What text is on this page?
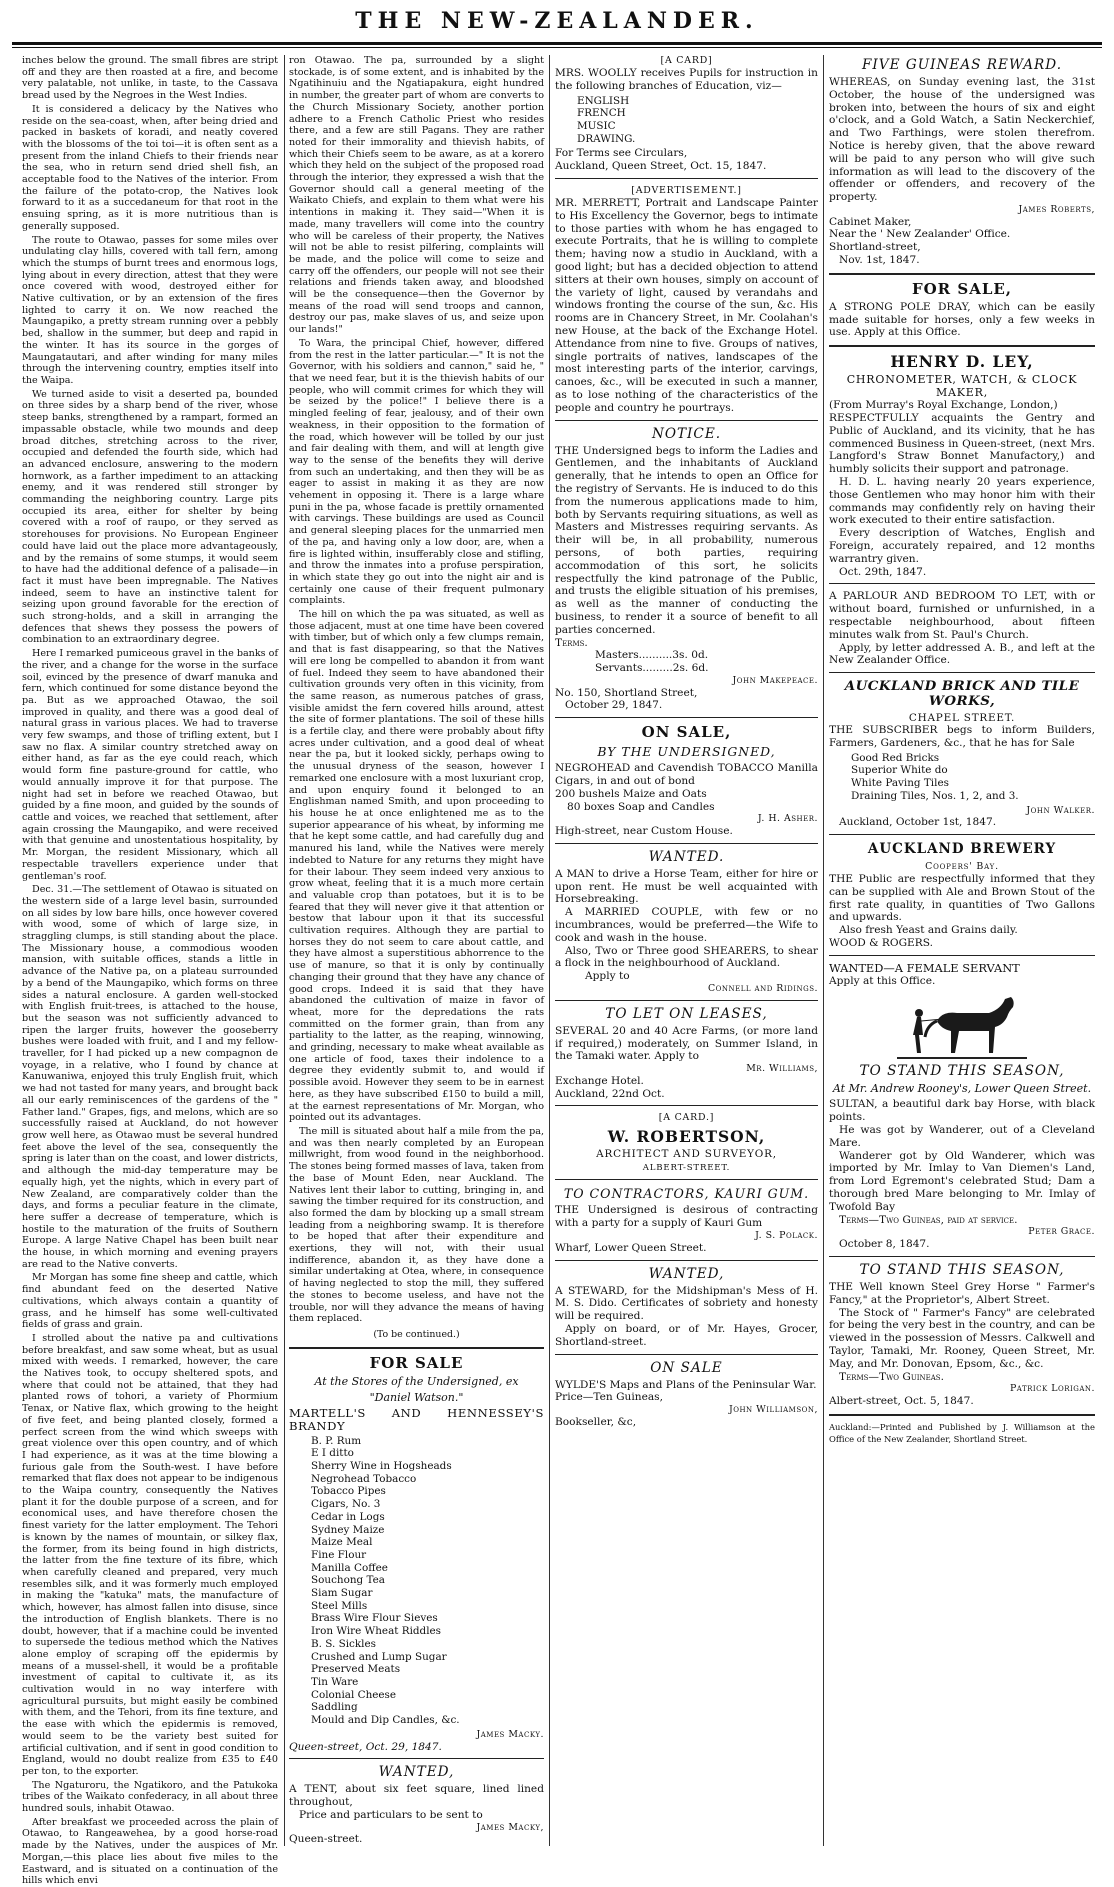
THE NEW-ZEALANDER.

inches below the ground. The small fibres are stript off and they are then roasted at a fire, and become very palatable, not unlike, in taste, to the Cassava bread used by the Negroes in the West Indies.

It is considered a delicacy by the Natives who reside on the sea-coast, when, after being dried and packed in baskets of koradi, and neatly covered with the blossoms of the toi toi—it is often sent as a present from the inland Chiefs to their friends near the sea, who in return send dried shell fish, an acceptable food to the Natives of the interior. From the failure of the potato-crop, the Natives look forward to it as a succedaneum for that root in the ensuing spring, as it is more nutritious than is generally supposed.

The route to Otawao, passes for some miles over undulating clay hills, covered with tall fern, among which the stumps of burnt trees and enormous logs, lying about in every direction, attest that they were once covered with wood, destroyed either for Native cultivation, or by an extension of the fires lighted to carry it on. We now reached the Maungapiko, a pretty stream running over a pebbly bed, shallow in the summer, but deep and rapid in the winter. It has its source in the gorges of Maungatautari, and after winding for many miles through the intervening country, empties itself into the Waipa.

We turned aside to visit a deserted pa, bounded on three sides by a sharp bend of the river, whose steep banks, strengthened by a rampart, formed an impassable obstacle, while two mounds and deep broad ditches, stretching across to the river, occupied and defended the fourth side, which had an advanced enclosure, answering to the modern hornwork, as a farther impediment to an attacking enemy, and it was rendered still stronger by commanding the neighboring country. Large pits occupied its area, either for shelter by being covered with a roof of raupo, or they served as storehouses for provisions. No European Engineer could have laid out the place more advantageously, and by the remains of some stumps, it would seem to have had the additional defence of a palisade—in fact it must have been impregnable. The Natives indeed, seem to have an instinctive talent for seizing upon ground favorable for the erection of such strong-holds, and a skill in arranging the defences that shews they possess the powers of combination to an extraordinary degree.

Here I remarked pumiceous gravel in the banks of the river, and a change for the worse in the surface soil, evinced by the presence of dwarf manuka and fern, which continued for some distance beyond the pa. But as we approached Otawao, the soil improved in quality, and there was a good deal of natural grass in various places. We had to traverse very few swamps, and those of trifling extent, but I saw no flax. A similar country stretched away on either hand, as far as the eye could reach, which would form fine pasture-ground for cattle, who would annually improve it for that purpose. The night had set in before we reached Otawao, but guided by a fine moon, and guided by the sounds of cattle and voices, we reached that settlement, after again crossing the Maungapiko, and were received with that genuine and unostentatious hospitality, by Mr. Morgan, the resident Missionary, which all respectable travellers experience under that gentleman's roof.

Dec. 31.—The settlement of Otawao is situated on the western side of a large level basin, surrounded on all sides by low bare hills, once however covered with wood, some of which of large size, in straggling clumps, is still standing about the place. The Missionary house, a commodious wooden mansion, with suitable offices, stands a little in advance of the Native pa, on a plateau surrounded by a bend of the Maungapiko, which forms on three sides a natural enclosure. A garden well-stocked with English fruit-trees, is attached to the house, but the season was not sufficiently advanced to ripen the larger fruits, however the gooseberry bushes were loaded with fruit, and I and my fellow-traveller, for I had picked up a new compagnon de voyage, in a relative, who I found by chance at Kanuwaniwa, enjoyed this truly English fruit, which we had not tasted for many years, and brought back all our early reminiscences of the gardens of the " Father land." Grapes, figs, and melons, which are so successfully raised at Auckland, do not however grow well here, as Otawao must be several hundred feet above the level of the sea, consequently the spring is later than on the coast, and lower districts, and although the mid-day temperature may be equally high, yet the nights, which in every part of New Zealand, are comparatively colder than the days, and forms a peculiar feature in the climate, here suffer a decrease of temperature, which is hostile to the maturation of the fruits of Southern Europe. A large Native Chapel has been built near the house, in which morning and evening prayers are read to the Native converts.

Mr Morgan has some fine sheep and cattle, which find abundant feed on the deserted Native cultivations, which always contain a quantity of grass, and he himself has some well-cultivated fields of grass and grain.

I strolled about the native pa and cultivations before breakfast, and saw some wheat, but as usual mixed with weeds. I remarked, however, the care the Natives took, to occupy sheltered spots, and where that could not be attained, that they had planted rows of tohori, a variety of Phormium Tenax, or Native flax, which growing to the height of five feet, and being planted closely, formed a perfect screen from the wind which sweeps with great violence over this open country, and of which I had experience, as it was at the time blowing a furious gale from the South-west. I have before remarked that flax does not appear to be indigenous to the Waipa country, consequently the Natives plant it for the double purpose of a screen, and for economical uses, and have therefore chosen the finest variety for the latter employment. The Tehori is known by the names of mountain, or silkey flax, the former, from its being found in high districts, the latter from the fine texture of its fibre, which when carefully cleaned and prepared, very much resembles silk, and it was formerly much employed in making the "katuka" mats, the manufacture of which, however, has almost fallen into disuse, since the introduction of English blankets. There is no doubt, however, that if a machine could be invented to supersede the tedious method which the Natives alone employ of scraping off the epidermis by means of a mussel-shell, it would be a profitable investment of capital to cultivate it, as its cultivation would in no way interfere with agricultural pursuits, but might easily be combined with them, and the Tehori, from its fine texture, and the ease with which the epidermis is removed, would seem to be the variety best suited for artificial cultivation, and if sent in good condition to England, would no doubt realize from £35 to £40 per ton, to the exporter.

The Ngaturoru, the Ngatikoro, and the Patukoka tribes of the Waikato confederacy, in all about three hundred souls, inhabit Otawao.

After breakfast we proceeded across the plain of Otawao, to Rangeawehea, by a good horse-road made by the Natives, under the auspices of Mr. Morgan,—this place lies about five miles to the Eastward, and is situated on a continuation of the hills which envi

ron Otawao. The pa, surrounded by a slight stockade, is of some extent, and is inhabited by the Ngatihinuiu and the Ngatiapakura, eight hundred in number, the greater part of whom are converts to the Church Missionary Society, another portion adhere to a French Catholic Priest who resides there, and a few are still Pagans. They are rather noted for their immorality and thievish habits, of which their Chiefs seem to be aware, as at a korero which they held on the subject of the proposed road through the interior, they expressed a wish that the Governor should call a general meeting of the Waikato Chiefs, and explain to them what were his intentions in making it. They said—"When it is made, many travellers will come into the country who will be careless of their property, the Natives will not be able to resist pilfering, complaints will be made, and the police will come to seize and carry off the offenders, our people will not see their relations and friends taken away, and bloodshed will be the consequence—then the Governor by means of the road will send troops and cannon, destroy our pas, make slaves of us, and seize upon our lands!"

To Wara, the principal Chief, however, differed from the rest in the latter particular.—" It is not the Governor, with his soldiers and cannon," said he, " that we need fear, but it is the thievish habits of our people, who will commit crimes for which they will be seized by the police!" I believe there is a mingled feeling of fear, jealousy, and of their own weakness, in their opposition to the formation of the road, which however will be tolled by our just and fair dealing with them, and will at length give way to the sense of the benefits they will derive from such an undertaking, and then they will be as eager to assist in making it as they are now vehement in opposing it. There is a large whare puni in the pa, whose facade is prettily ornamented with carvings. These buildings are used as Council and general sleeping places for the unmarried men of the pa, and having only a low door, are, when a fire is lighted within, insufferably close and stifling, and throw the inmates into a profuse perspiration, in which state they go out into the night air and is certainly one cause of their frequent pulmonary complaints.

The hill on which the pa was situated, as well as those adjacent, must at one time have been covered with timber, but of which only a few clumps remain, and that is fast disappearing, so that the Natives will ere long be compelled to abandon it from want of fuel. Indeed they seem to have abandoned their cultivation grounds very often in this vicinity, from the same reason, as numerous patches of grass, visible amidst the fern covered hills around, attest the site of former plantations. The soil of these hills is a fertile clay, and there were probably about fifty acres under cultivation, and a good deal of wheat near the pa, but it looked sickly, perhaps owing to the unusual dryness of the season, however I remarked one enclosure with a most luxuriant crop, and upon enquiry found it belonged to an Englishman named Smith, and upon proceeding to his house he at once enlightened me as to the superior appearance of his wheat, by informing me that he kept some cattle, and had carefully dug and manured his land, while the Natives were merely indebted to Nature for any returns they might have for their labour. They seem indeed very anxious to grow wheat, feeling that it is a much more certain and valuable crop than potatoes, but it is to be feared that they will never give it that attention or bestow that labour upon it that its successful cultivation requires. Although they are partial to horses they do not seem to care about cattle, and they have almost a superstitious abhorrence to the use of manure, so that it is only by continually changing their ground that they have any chance of good crops. Indeed it is said that they have abandoned the cultivation of maize in favor of wheat, more for the depredations the rats committed on the former grain, than from any partiality to the latter, as the reaping, winnowing, and grinding, necessary to make wheat available as one article of food, taxes their indolence to a degree they evidently submit to, and would if possible avoid. However they seem to be in earnest here, as they have subscribed £150 to build a mill, at the earnest representations of Mr. Morgan, who pointed out its advantages.

The mill is situated about half a mile from the pa, and was then nearly completed by an European millwright, from wood found in the neighborhood. The stones being formed masses of lava, taken from the base of Mount Eden, near Auckland. The Natives lent their labor to cutting, bringing in, and sawing the timber required for its construction, and also formed the dam by blocking up a small stream leading from a neighboring swamp. It is therefore to be hoped that after their expenditure and exertions, they will not, with their usual indifference, abandon it, as they have done a similar undertaking at Otea, where, in consequence of having neglected to stop the mill, they suffered the stones to become useless, and have not the trouble, nor will they advance the means of having them replaced.

(To be continued.)
FOR SALE
At the Stores of the Undersigned, ex
"Daniel Watson."
MARTELL'S AND HENNESSEY'S BRANDY
B. P. Rum
E I ditto
Sherry Wine in Hogsheads
Negrohead Tobacco
Tobacco Pipes
Cigars, No. 3
Cedar in Logs
Sydney Maize
Maize Meal
Fine Flour
Manilla Coffee
Souchong Tea
Siam Sugar
Steel Mills
Brass Wire Flour Sieves
Iron Wire Wheat Riddles
B. S. Sickles
Crushed and Lump Sugar
Preserved Meats
Tin Ware
Colonial Cheese
Saddling
Mould and Dip Candles, &c.
James Macky.
Queen-street, Oct. 29, 1847.
WANTED,
A TENT, about six feet square, lined lined throughout,
Price and particulars to be sent to
James Macky,
Queen-street.
[A CARD]
MRS. WOOLLY receives Pupils for instruction in the following branches of Education, viz—
ENGLISH
FRENCH
MUSIC
DRAWING.
For Terms see Circulars,
Auckland, Queen Street, Oct. 15, 1847.
[ADVERTISEMENT.]
MR. MERRETT, Portrait and Landscape Painter to His Excellency the Governor, begs to intimate to those parties with whom he has engaged to execute Portraits, that he is willing to complete them; having now a studio in Auckland, with a good light; but has a decided objection to attend sitters at their own houses, simply on account of the variety of light, caused by verandahs and windows fronting the course of the sun, &c. His rooms are in Chancery Street, in Mr. Coolahan's new House, at the back of the Exchange Hotel. Attendance from nine to five. Groups of natives, single portraits of natives, landscapes of the most interesting parts of the interior, carvings, canoes, &c., will be executed in such a manner, as to lose nothing of the characteristics of the people and country he pourtrays.
NOTICE.
THE Undersigned begs to inform the Ladies and Gentlemen, and the inhabitants of Auckland generally, that he intends to open an Office for the registry of Servants. He is induced to do this from the numerous applications made to him, both by Servants requiring situations, as well as Masters and Mistresses requiring servants. As their will be, in all probability, numerous persons, of both parties, requiring accommodation of this sort, he solicits respectfully the kind patronage of the Public, and trusts the eligible situation of his premises, as well as the manner of conducting the business, to render it a source of benefit to all parties concerned.
Terms.
Masters..........3s. 0d.
Servants.........2s. 6d.
John Makepeace.
No. 150, Shortland Street,
October 29, 1847.
ON SALE,
BY THE UNDERSIGNED,
NEGROHEAD and Cavendish TOBACCO Manilla Cigars, in and out of bond
200 bushels Maize and Oats
80 boxes Soap and Candles
J. H. Asher.
High-street, near Custom House.
WANTED.
A MAN to drive a Horse Team, either for hire or upon rent. He must be well acquainted with Horsebreaking.
A MARRIED COUPLE, with few or no incumbrances, would be preferred—the Wife to cook and wash in the house.
Also, Two or Three good SHEARERS, to shear a flock in the neighbourhood of Auckland.
Apply to
Connell and Ridings.
TO LET ON LEASES,
SEVERAL 20 and 40 Acre Farms, (or more land if required,) moderately, on Summer Island, in the Tamaki water. Apply to
Mr. Williams,
Exchange Hotel.
Auckland, 22nd Oct.
[A CARD.]
W. ROBERTSON,
ARCHITECT AND SURVEYOR,
ALBERT-STREET.
TO CONTRACTORS, KAURI GUM.
THE Undersigned is desirous of contracting with a party for a supply of Kauri Gum
J. S. Polack.
Wharf, Lower Queen Street.
WANTED,
A STEWARD, for the Midshipman's Mess of H. M. S. Dido. Certificates of sobriety and honesty will be required.
Apply on board, or of Mr. Hayes, Grocer, Shortland-street.
ON SALE
WYLDE'S Maps and Plans of the Peninsular War.
Price—Ten Guineas,
John Williamson,
Bookseller, &c,
FIVE GUINEAS REWARD.
WHEREAS, on Sunday evening last, the 31st October, the house of the undersigned was broken into, between the hours of six and eight o'clock, and a Gold Watch, a Satin Neckerchief, and Two Farthings, were stolen therefrom. Notice is hereby given, that the above reward will be paid to any person who will give such information as will lead to the discovery of the offender or offenders, and recovery of the property.
James Roberts,
Cabinet Maker,
Near the ' New Zealander' Office.
Shortland-street,
Nov. 1st, 1847.
FOR SALE,
A STRONG POLE DRAY, which can be easily made suitable for horses, only a few weeks in use. Apply at this Office.
HENRY D. LEY,
CHRONOMETER, WATCH, & CLOCK MAKER,
(From Murray's Royal Exchange, London,)
RESPECTFULLY acquaints the Gentry and Public of Auckland, and its vicinity, that he has commenced Business in Queen-street, (next Mrs. Langford's Straw Bonnet Manufactory,) and humbly solicits their support and patronage.
H. D. L. having nearly 20 years experience, those Gentlemen who may honor him with their commands may confidently rely on having their work executed to their entire satisfaction.
Every description of Watches, English and Foreign, accurately repaired, and 12 months warrantry given.
Oct. 29th, 1847.
A PARLOUR AND BEDROOM TO LET, with or without board, furnished or unfurnished, in a respectable neighbourhood, about fifteen minutes walk from St. Paul's Church.
Apply, by letter addressed A. B., and left at the New Zealander Office.
AUCKLAND BRICK AND TILE WORKS,
CHAPEL STREET.
THE SUBSCRIBER begs to inform Builders, Farmers, Gardeners, &c., that he has for Sale
Good Red Bricks
Superior White do
White Paving Tiles
Draining Tiles, Nos. 1, 2, and 3.
John Walker.
Auckland, October 1st, 1847.
AUCKLAND BREWERY
Coopers' Bay.
THE Public are respectfully informed that they can be supplied with Ale and Brown Stout of the first rate quality, in quantities of Two Gallons and upwards.
Also fresh Yeast and Grains daily.
WOOD & ROGERS.
WANTED—A FEMALE SERVANT
Apply at this Office.
TO STAND THIS SEASON,
At Mr. Andrew Rooney's, Lower Queen Street.
SULTAN, a beautiful dark bay Horse, with black points.
He was got by Wanderer, out of a Cleveland Mare.
Wanderer got by Old Wanderer, which was imported by Mr. Imlay to Van Diemen's Land, from Lord Egremont's celebrated Stud; Dam a thorough bred Mare belonging to Mr. Imlay of Twofold Bay
Terms—Two Guineas, paid at service.
Peter Grace.
October 8, 1847.
TO STAND THIS SEASON,
THE Well known Steel Grey Horse " Farmer's Fancy," at the Proprietor's, Albert Street.
The Stock of " Farmer's Fancy" are celebrated for being the very best in the country, and can be viewed in the possession of Messrs. Calkwell and Taylor, Tamaki, Mr. Rooney, Queen Street, Mr. May, and Mr. Donovan, Epsom, &c., &c.
Terms—Two Guineas.
Patrick Lorigan.
Albert-street, Oct. 5, 1847.
Auckland:—Printed and Published by J. Williamson at the Office of the New Zealander, Shortland Street.
